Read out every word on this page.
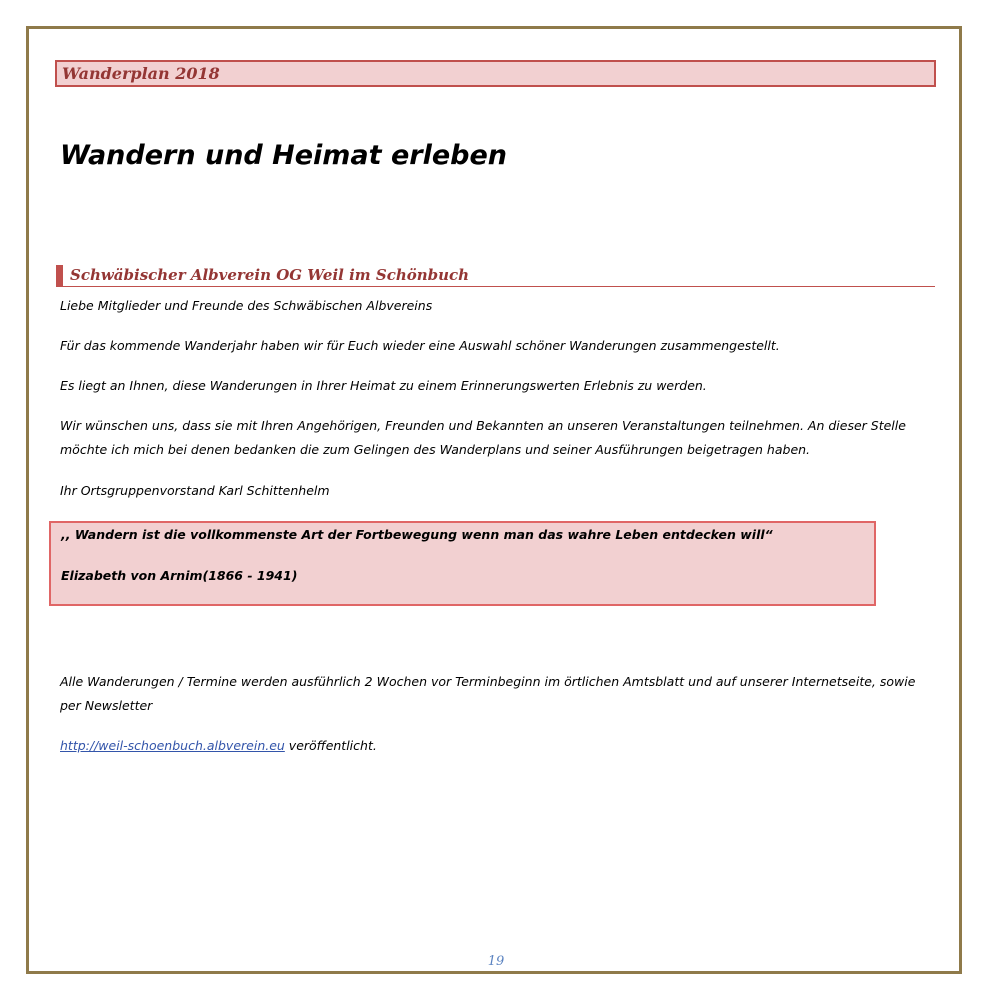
Wanderplan 2018
Wandern und Heimat erleben
Schwäbischer Albverein OG Weil im Schönbuch

Liebe Mitglieder und Freunde des Schwäbischen Albvereins

Für das kommende Wanderjahr haben wir für Euch wieder eine Auswahl schöner Wanderungen zusammengestellt.

Es liegt an Ihnen, diese Wanderungen in Ihrer Heimat zu einem Erinnerungswerten Erlebnis zu werden.

Wir wünschen uns, dass sie mit Ihren Angehörigen, Freunden und Bekannten an unseren Veranstaltungen teilnehmen. An dieser Stelle möchte ich mich bei denen bedanken die zum Gelingen des Wanderplans und seiner Ausführungen beigetragen haben.

Ihr Ortsgruppenvorstand Karl Schittenhelm

,, Wandern ist die vollkommenste Art der Fortbewegung wenn man das wahre Leben entdecken will“

Elizabeth von Arnim(1866 - 1941)

Alle Wanderungen / Termine werden ausführlich 2 Wochen vor Terminbeginn im örtlichen Amtsblatt und auf unserer Internetseite, sowie per Newsletter

http://weil-schoenbuch.albverein.eu veröffentlicht.

19
